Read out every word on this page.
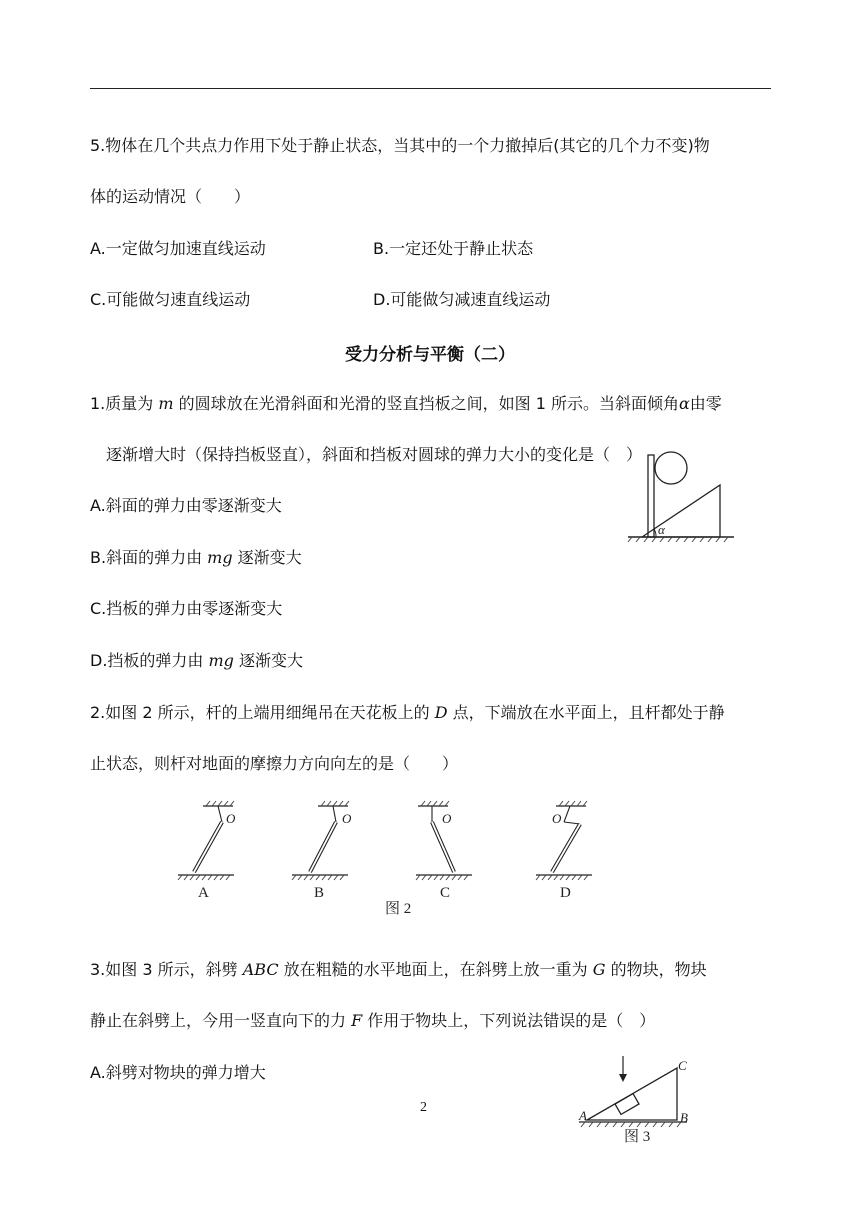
5.物体在几个共点力作用下处于静止状态，当其中的一个力撤掉后(其它的几个力不变)物
体的运动情况（　　）
A.一定做匀加速直线运动	B.一定还处于静止状态
C.可能做匀速直线运动	D.可能做匀减速直线运动
受力分析与平衡（二）
1.质量为 m 的圆球放在光滑斜面和光滑的竖直挡板之间，如图 1 所示。当斜面倾角α由零
逐渐增大时（保持挡板竖直），斜面和挡板对圆球的弹力大小的变化是（　）
A.斜面的弹力由零逐渐变大
B.斜面的弹力由 mg 逐渐变大
C.挡板的弹力由零逐渐变大
D.挡板的弹力由 mg 逐渐变大
α
2.如图 2 所示，杆的上端用细绳吊在天花板上的 D 点，下端放在水平面上，且杆都处于静
止状态，则杆对地面的摩擦力方向向左的是（　　）
O
A
O
B
O
C
O
D
图 2
3.如图 3 所示，斜劈 ABC 放在粗糙的水平地面上，在斜劈上放一重为 G 的物块，物块
静止在斜劈上，今用一竖直向下的力 F 作用于物块上，下列说法错误的是（　）
A.斜劈对物块的弹力增大
A	B
C
图 3
2
